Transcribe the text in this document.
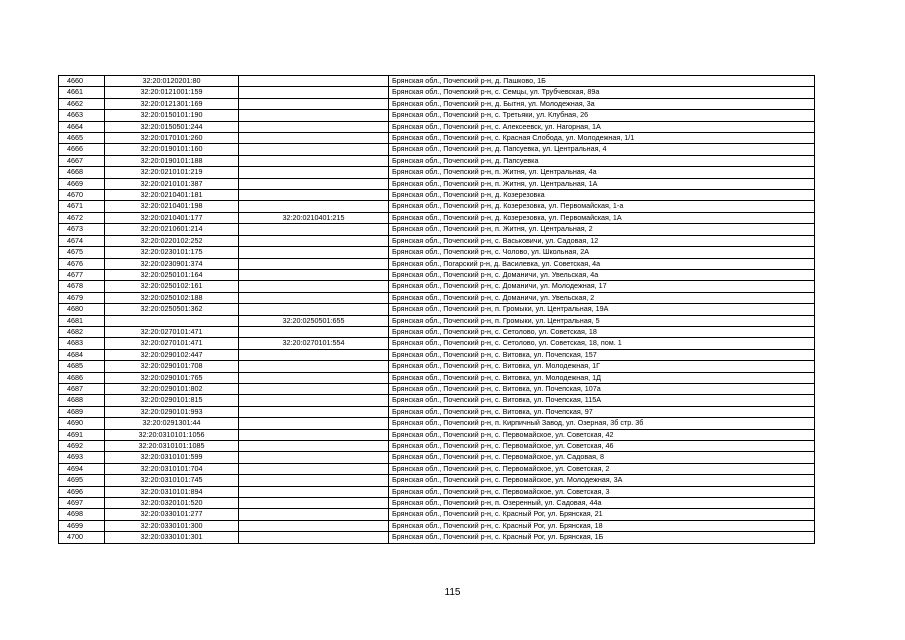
4660	32:20:0120201:80		Брянская обл., Почепский р-н, д. Пашково, 1Б
4661	32:20:0121001:159		Брянская обл., Почепский р-н, с. Семцы, ул. Трубчевская, 89а
4662	32:20:0121301:169		Брянская обл., Почепский р-н, д. Бытня, ул. Молодежная, 3а
4663	32:20:0150101:190		Брянская обл., Почепский р-н, с. Третьяки, ул. Клубная, 26
4664	32:20:0150501:244		Брянская обл., Почепский р-н, с. Алексеевск, ул. Нагорная, 1А
4665	32:20:0170101:260		Брянская обл., Почепский р-н, с. Красная Слобода, ул. Молодежная, 1/1
4666	32:20:0190101:160		Брянская обл., Почепский р-н, д. Папсуевка, ул. Центральная, 4
4667	32:20:0190101:188		Брянская обл., Почепский р-н, д. Папсуевка
4668	32:20:0210101:219		Брянская обл., Почепский р-н, п. Житня, ул. Центральная, 4а
4669	32:20:0210101:387		Брянская обл., Почепский р-н, п. Житня, ул. Центральная, 1А
4670	32:20:0210401:181		Брянская обл., Почепский р-н, д. Козерезовка
4671	32:20:0210401:198		Брянская обл., Почепский р-н, д. Козерезовка, ул. Первомайская, 1-а
4672	32:20:0210401:177	32:20:0210401:215	Брянская обл., Почепский р-н, д. Козерезовка, ул. Первомайская, 1А
4673	32:20:0210601:214		Брянская обл., Почепский р-н, п. Житня, ул. Центральная, 2
4674	32:20:0220102:252		Брянская обл., Почепский р-н, с. Васьковичи, ул. Садовая, 12
4675	32:20:0230101:175		Брянская обл., Почепский р-н, с. Чолово, ул. Школьная, 2А
4676	32:20:0230901:374		Брянская обл., Погарский р-н, д. Василевка, ул. Советская, 4а
4677	32:20:0250101:164		Брянская обл., Почепский р-н, с. Доманичи, ул. Увельская, 4а
4678	32:20:0250102:161		Брянская обл., Почепский р-н, с. Доманичи, ул. Молодежная, 17
4679	32:20:0250102:188		Брянская обл., Почепский р-н, с. Доманичи, ул. Увельская, 2
4680	32:20:0250501:362		Брянская обл., Почепский р-н, п. Громыки, ул. Центральная, 19А
4681		32:20:0250501:655	Брянская обл., Почепский р-н, п. Громыки, ул. Центральная, 5
4682	32:20:0270101:471		Брянская обл., Почепский р-н, с. Сетолово, ул. Советская, 18
4683	32:20:0270101:471	32:20:0270101:554	Брянская обл., Почепский р-н, с. Сетолово, ул. Советская, 18, пом. 1
4684	32:20:0290102:447		Брянская обл., Почепский р-н, с. Витовка, ул. Почепская, 157
4685	32:20:0290101:708		Брянская обл., Почепский р-н, с. Витовка, ул. Молодежная, 1Г
4686	32:20:0290101:765		Брянская обл., Почепский р-н, с. Витовка, ул. Молодежная, 1Д
4687	32:20:0290101:802		Брянская обл., Почепский р-н, с. Витовка, ул. Почепская, 107а
4688	32:20:0290101:815		Брянская обл., Почепский р-н, с. Витовка, ул. Почепская, 115А
4689	32:20:0290101:993		Брянская обл., Почепский р-н, с. Витовка, ул. Почепская, 97
4690	32:20:0291301:44		Брянская обл., Почепский р-н, п. Кирпичный Завод, ул. Озерная, 3б стр. 3б
4691	32:20:0310101:1056		Брянская обл., Почепский р-н, с. Первомайское, ул. Советская, 42
4692	32:20:0310101:1085		Брянская обл., Почепский р-н, с. Первомайское, ул. Советская, 46
4693	32:20:0310101:599		Брянская обл., Почепский р-н, с. Первомайское, ул. Садовая, 8
4694	32:20:0310101:704		Брянская обл., Почепский р-н, с. Первомайское, ул. Советская, 2
4695	32:20:0310101:745		Брянская обл., Почепский р-н, с. Первомайское, ул. Молодежная, 3А
4696	32:20:0310101:894		Брянская обл., Почепский р-н, с. Первомайское, ул. Советская, 3
4697	32:20:0320101:520		Брянская обл., Почепский р-н, п. Озеренный, ул. Садовая, 44а
4698	32:20:0330101:277		Брянская обл., Почепский р-н, с. Красный Рог, ул. Брянская, 21
4699	32:20:0330101:300		Брянская обл., Почепский р-н, с. Красный Рог, ул. Брянская, 18
4700	32:20:0330101:301		Брянская обл., Почепский р-н, с. Красный Рог, ул. Брянская, 1Б
115
